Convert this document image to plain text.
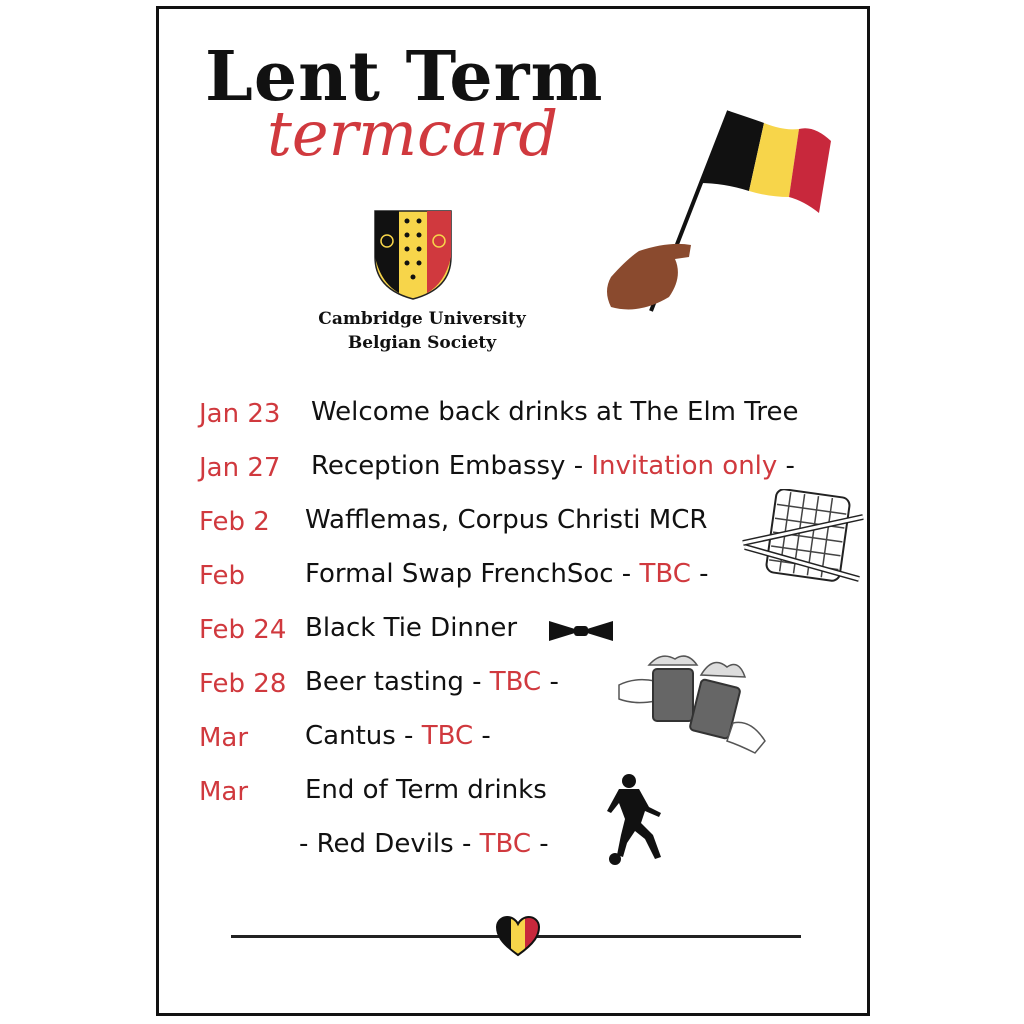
Lent Term
termcard
Cambridge University
Belgian Society
Jan 23 Welcome back drinks at The Elm Tree
Jan 27 Reception Embassy - Invitation only -
Feb 2 Wafflemas, Corpus Christi MCR
Feb Formal Swap FrenchSoc - TBC -
Feb 24 Black Tie Dinner
Feb 28 Beer tasting - TBC -
Mar Cantus - TBC -
Mar End of Term drinks
- Red Devils - TBC -
